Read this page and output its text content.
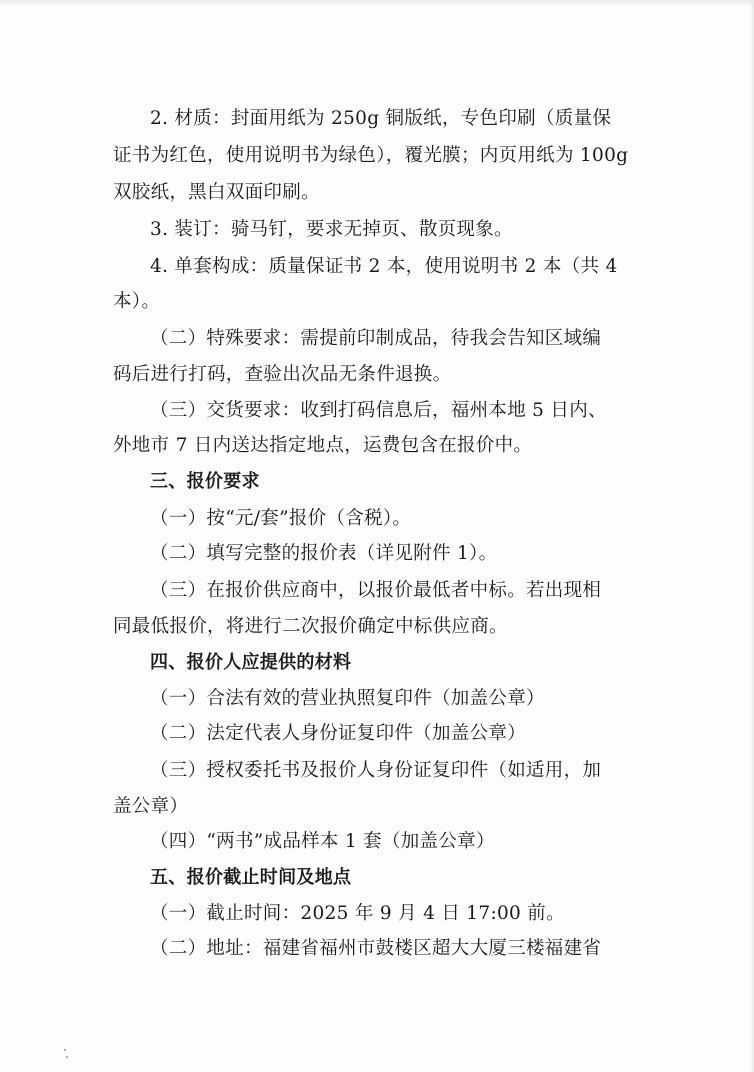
2. 材质：封面用纸为 250g 铜版纸，专色印刷（质量保
证书为红色，使用说明书为绿色），覆光膜；内页用纸为 100g
双胶纸，黑白双面印刷。
3. 装订：骑马钉，要求无掉页、散页现象。
4. 单套构成：质量保证书 2 本，使用说明书 2 本（共 4
本）。
（二）特殊要求：需提前印制成品，待我会告知区域编
码后进行打码，查验出次品无条件退换。
（三）交货要求：收到打码信息后，福州本地 5 日内、
外地市 7 日内送达指定地点，运费包含在报价中。
三、报价要求
（一）按“元/套”报价（含税）。
（二）填写完整的报价表（详见附件 1）。
（三）在报价供应商中，以报价最低者中标。若出现相
同最低报价，将进行二次报价确定中标供应商。
四、报价人应提供的材料
（一）合法有效的营业执照复印件（加盖公章）
（二）法定代表人身份证复印件（加盖公章）
（三）授权委托书及报价人身份证复印件（如适用，加
盖公章）
（四）“两书”成品样本 1 套（加盖公章）
五、报价截止时间及地点
（一）截止时间：2025 年 9 月 4 日 17:00 前。
（二）地址：福建省福州市鼓楼区超大大厦三楼福建省
